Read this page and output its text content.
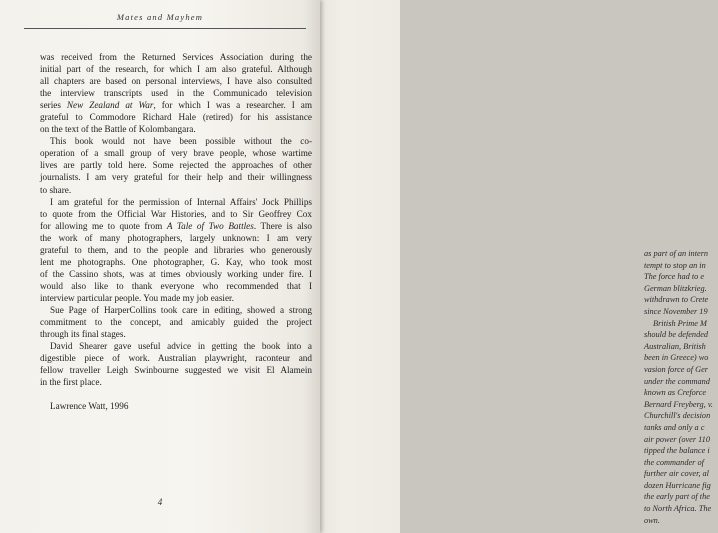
as part of an intern
tempt to stop an in
The force had to e
German blitzkrieg.
withdrawn to Crete
since November 19
British Prime M
should be defended
Australian, British
been in Greece) wo
vasion force of Ger
under the command
known as Creforce
Bernard Freyberg, v.
Churchill's decision
tanks and only a c
air power (over 110
tipped the balance i
the commander of
further air cover, al
dozen Hurricane fig
the early part of the
to North Africa. The
own.
Mates and Mayhem

was received from the Returned Services Association during the
initial part of the research, for which I am also grateful. Although
all chapters are based on personal interviews, I have also consulted
the interview transcripts used in the Communicado television
series New Zealand at War, for which I was a researcher. I am
grateful to Commodore Richard Hale (retired) for his assistance
on the text of the Battle of Kolombangara.

This book would not have been possible without the co-
operation of a small group of very brave people, whose wartime
lives are partly told here. Some rejected the approaches of other
journalists. I am very grateful for their help and their willingness
to share.

I am grateful for the permission of Internal Affairs' Jock Phillips
to quote from the Official War Histories, and to Sir Geoffrey Cox
for allowing me to quote from A Tale of Two Battles. There is also
the work of many photographers, largely unknown: I am very
grateful to them, and to the people and libraries who generously
lent me photographs. One photographer, G. Kay, who took most
of the Cassino shots, was at times obviously working under fire. I
would also like to thank everyone who recommended that I
interview particular people. You made my job easier.

Sue Page of HarperCollins took care in editing, showed a strong
commitment to the concept, and amicably guided the project
through its final stages.

David Shearer gave useful advice in getting the book into a
digestible piece of work. Australian playwright, raconteur and
fellow traveller Leigh Swinbourne suggested we visit El Alamein
in the first place.

Lawrence Watt, 1996

4
